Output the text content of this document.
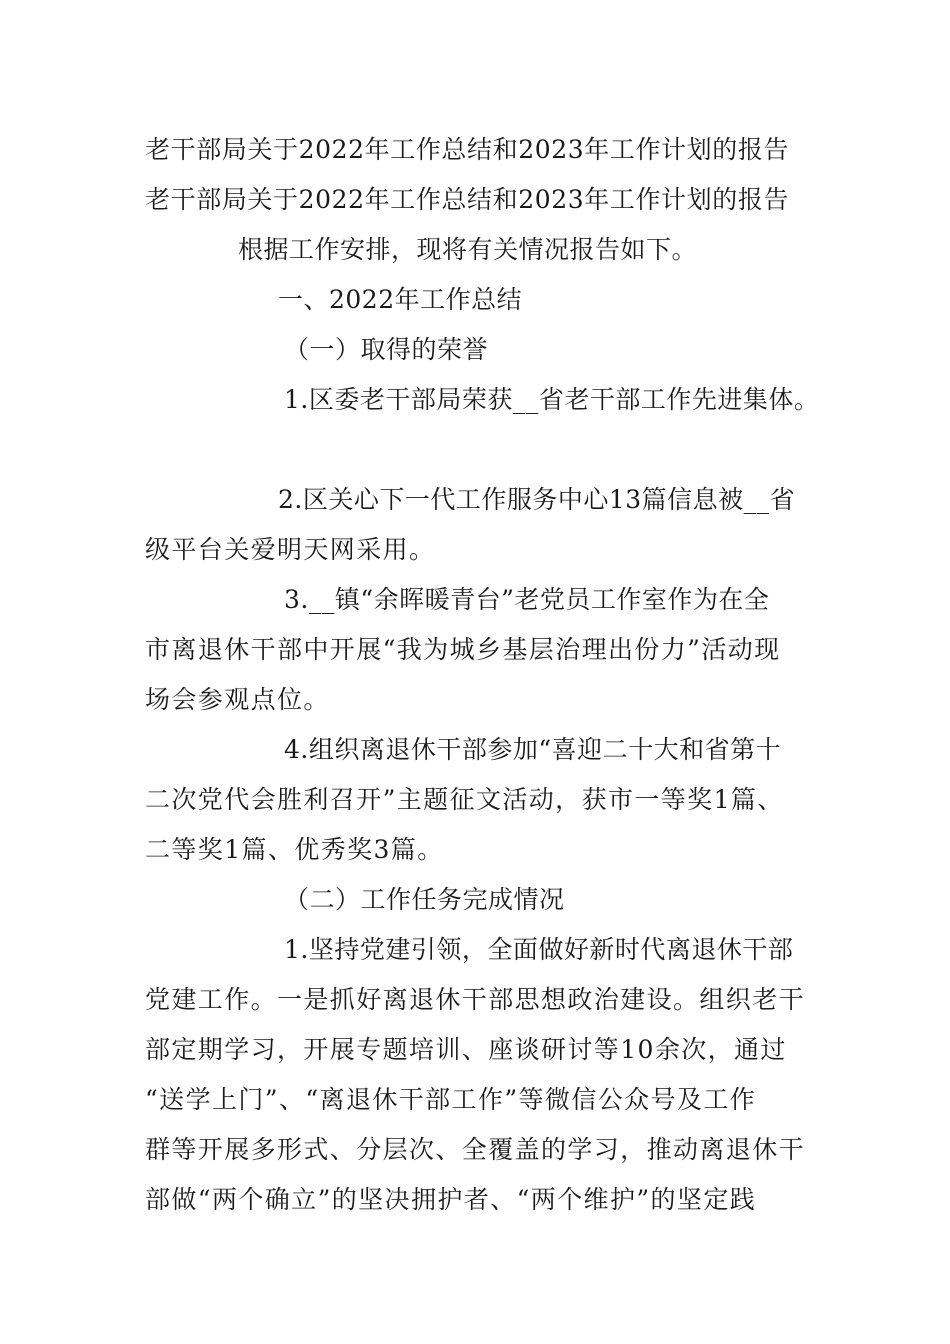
老干部局关于2022年工作总结和2023年工作计划的报告
老干部局关于2022年工作总结和2023年工作计划的报告
根据工作安排，现将有关情况报告如下。
一、2022年工作总结
（一）取得的荣誉
1.区委老干部局荣获__省老干部工作先进集体。
2.区关心下一代工作服务中心13篇信息被__省
级平台关爱明天网采用。
3.__镇“余晖暖青台”老党员工作室作为在全
市离退休干部中开展“我为城乡基层治理出份力”活动现
场会参观点位。
4.组织离退休干部参加“喜迎二十大和省第十
二次党代会胜利召开”主题征文活动，获市一等奖1篇、
二等奖1篇、优秀奖3篇。
（二）工作任务完成情况
1.坚持党建引领，全面做好新时代离退休干部
党建工作。一是抓好离退休干部思想政治建设。组织老干
部定期学习，开展专题培训、座谈研讨等10余次，通过
“送学上门”、“离退休干部工作”等微信公众号及工作
群等开展多形式、分层次、全覆盖的学习，推动离退休干
部做“两个确立”的坚决拥护者、“两个维护”的坚定践
